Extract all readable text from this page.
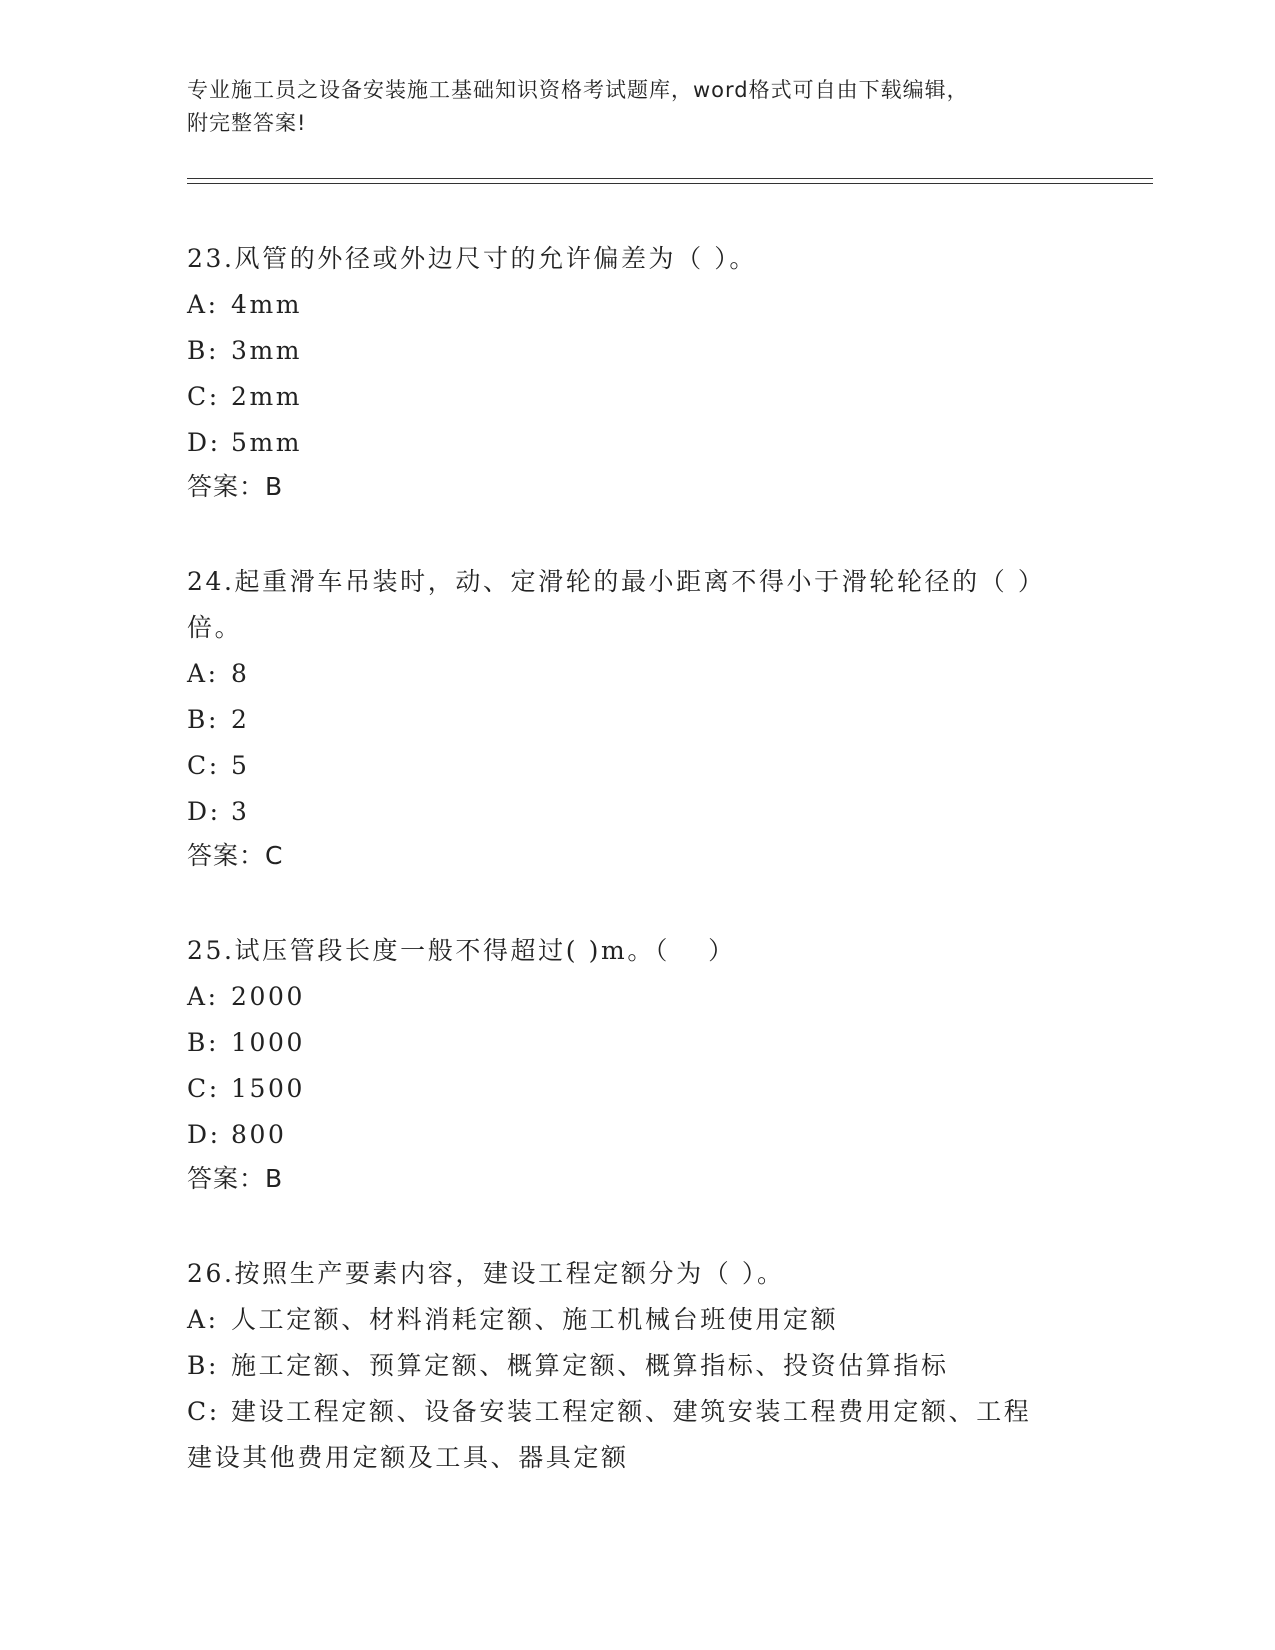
专业施工员之设备安装施工基础知识资格考试题库，word格式可自由下载编辑，
附完整答案!
23.风管的外径或外边尺寸的允许偏差为（ ）。
A: 4mm
B: 3mm
C: 2mm
D: 5mm
答案：B
24.起重滑车吊装时，动、定滑轮的最小距离不得小于滑轮轮径的（ ）倍。
A: 8
B: 2
C: 5
D: 3
答案：C
25.试压管段长度一般不得超过( )m。（　 ）
A: 2000
B: 1000
C: 1500
D: 800
答案：B
26.按照生产要素内容，建设工程定额分为（ ）。
A: 人工定额、材料消耗定额、施工机械台班使用定额
B: 施工定额、预算定额、概算定额、概算指标、投资估算指标
C: 建设工程定额、设备安装工程定额、建筑安装工程费用定额、工程建设其他费用定额及工具、器具定额
